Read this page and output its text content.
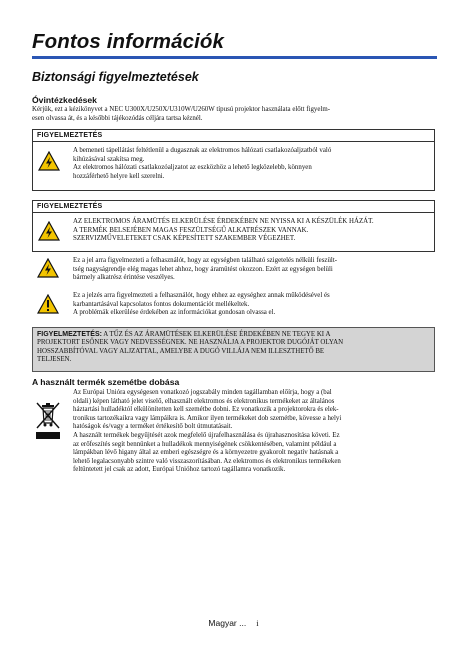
Fontos információk
Biztonsági figyelmeztetések
Óvintézkedések

Kérjük, ezt a kézikönyvet a NEC U300X/U250X/U310W/U260W típusú projektor használata előtt figyelm-

esen olvassa át, és a későbbi tájékozódás céljára tartsa kéznél.

FIGYELMEZTETÉS

A bemeneti tápellátást feltétlenül a dugasznak az elektromos hálózati csatlakozóaljzatból való

kihúzásával szakítsa meg.

Az elektromos hálózati csatlakozóaljzatot az eszközhöz a lehető legközelebb, könnyen

hozzáférhető helyre kell szerelni.

FIGYELMEZTETÉS

AZ ELEKTROMOS ÁRAMÜTÉS ELKERÜLÉSE ÉRDEKÉBEN NE NYISSA KI A KÉSZÜLÉK HÁZÁT.

A TERMÉK BELSEJÉBEN MAGAS FESZÜLTSÉGŰ ALKATRÉSZEK VANNAK.

SZERVIZMŰVELETEKET CSAK KÉPESÍTETT SZAKEMBER VÉGEZHET.

Ez a jel arra figyelmezteti a felhasználót, hogy az egységben található szigetelés nélküli feszült-

tség nagyságrendje elég magas lehet ahhoz, hogy áramütést okozzon. Ezért az egységen belüli

bármely alkatrész érintése veszélyes.

Ez a jelzés arra figyelmezteti a felhasználót, hogy ehhez az egységhez annak működésével és

karbantartásával kapcsolatos fontos dokumentációt mellékeltek.

A problémák elkerülése érdekében az információkat gondosan olvassa el.

FIGYELMEZTETÉS: A TŰZ ÉS AZ ÁRAMÜTÉSEK ELKERÜLÉSE ÉRDEKÉBEN NE TEGYE KI A

PROJEKTORT ESŐNEK VAGY NEDVESSÉGNEK. NE HASZNÁLJA A PROJEKTOR DUGÓJÁT OLYAN

HOSSZABBÍTÓVAL VAGY ALJZATTAL, AMELYBE A DUGÓ VILLÁJA NEM ILLESZTHETŐ BE

TELJESEN.

A használt termék szemétbe dobása

Az Európai Unióra egységesen vonatkozó jogszabály minden tagállamban előírja, hogy a (bal

oldali) képen látható jelet viselő, elhasznált elektromos és elektronikus termékeket az általános

háztartási hulladéktól elkülönítetten kell szemétbe dobni. Ez vonatkozik a projektorokra és elek-

tronikus tartozékaikra vagy lámpáikra is. Amikor ilyen termékeket dob szemétbe, kövesse a helyi

hatóságok és/vagy a terméket értékesítő bolt útmutatásait.

A használt termékek begyűjtését azok megfelelő újrafelhasználása és újrahasznosítása követi. Ez

az erőfeszítés segít bennünket a hulladékok mennyiségének csökkentésében, valamint például a

lámpákban lévő higany által az emberi egészségre és a környezetre gyakorolt negatív hatásnak a

lehető legalacsonyabb szintre való visszaszorításában. Az elektromos és elektronikus termékeken

feltüntetett jel csak az adott, Európai Unióhoz tartozó tagállamra vonatkozik.

Magyar ... i
